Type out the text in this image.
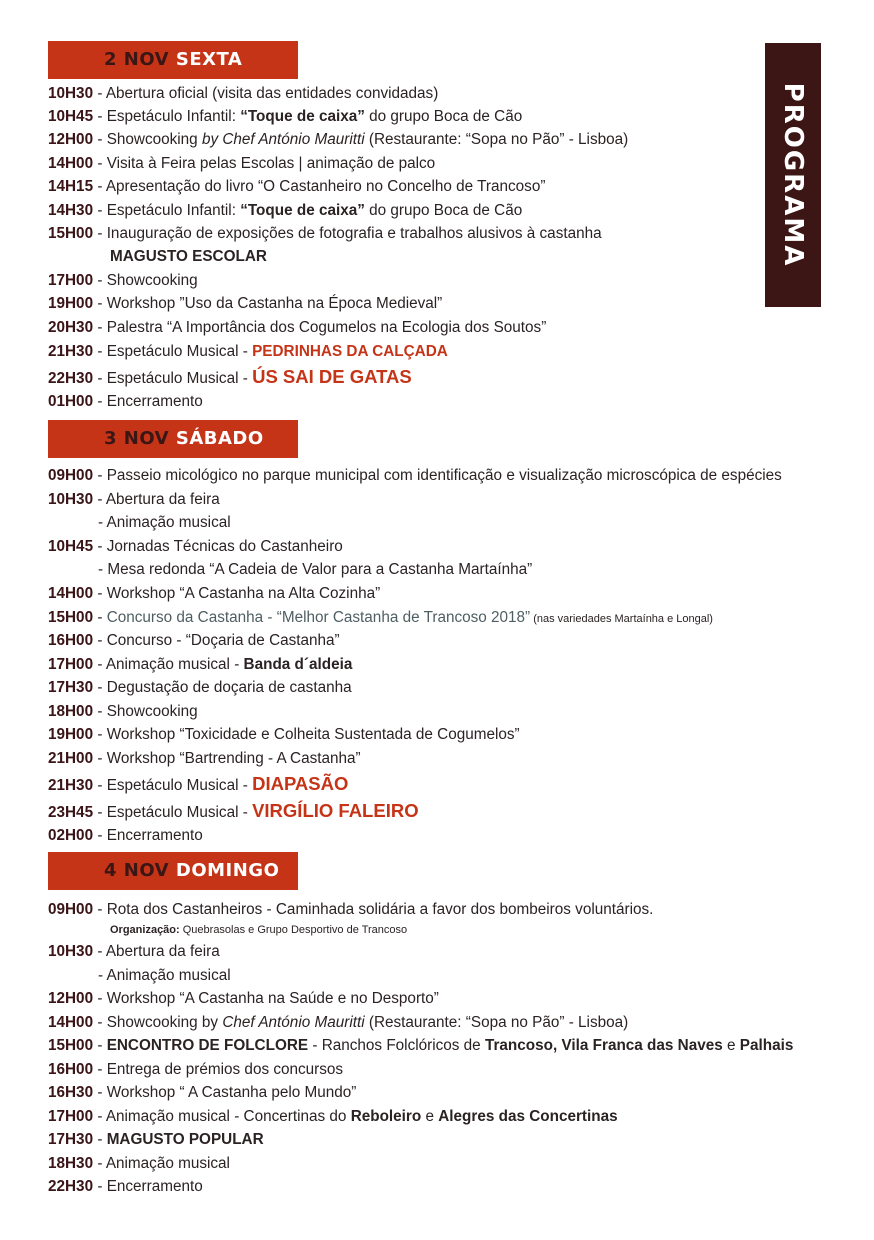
PROGRAMA
2 NOV SEXTA
3 NOV SÁBADO
4 NOV DOMINGO
10H30 - Abertura oficial (visita das entidades convidadas)
10H45 - Espetáculo Infantil: “Toque de caixa” do grupo Boca de Cão
12H00 - Showcooking by Chef António Mauritti (Restaurante: “Sopa no Pão” - Lisboa)
14H00 - Visita à Feira pelas Escolas | animação de palco
14H15 - Apresentação do livro “O Castanheiro no Concelho de Trancoso”
14H30 - Espetáculo Infantil: “Toque de caixa” do grupo Boca de Cão
15H00 - Inauguração de exposições de fotografia e trabalhos alusivos à castanha
MAGUSTO ESCOLAR
17H00 - Showcooking
19H00 - Workshop ”Uso da Castanha na Época Medieval”
20H30 - Palestra “A Importância dos Cogumelos na Ecologia dos Soutos”
21H30 - Espetáculo Musical - PEDRINHAS DA CALÇADA
22H30 - Espetáculo Musical - ÚS SAI DE GATAS
01H00 - Encerramento
09H00 - Passeio micológico no parque municipal com identificação e visualização microscópica de espécies
10H30 - Abertura da feira
- Animação musical
10H45 - Jornadas Técnicas do Castanheiro
- Mesa redonda “A Cadeia de Valor para a Castanha Martaínha”
14H00 - Workshop “A Castanha na Alta Cozinha”
15H00 - Concurso da Castanha - “Melhor Castanha de Trancoso 2018” (nas variedades Martaínha e Longal)
16H00 - Concurso - “Doçaria de Castanha”
17H00 - Animação musical - Banda d´aldeia
17H30 - Degustação de doçaria de castanha
18H00 - Showcooking
19H00 - Workshop “Toxicidade e Colheita Sustentada de Cogumelos”
21H00 - Workshop “Bartrending - A Castanha”
21H30 - Espetáculo Musical - DIAPASÃO
23H45 - Espetáculo Musical - VIRGÍLIO FALEIRO
02H00 - Encerramento
09H00 - Rota dos Castanheiros - Caminhada solidária a favor dos bombeiros voluntários.
Organização: Quebrasolas e Grupo Desportivo de Trancoso
10H30 - Abertura da feira
- Animação musical
12H00 - Workshop “A Castanha na Saúde e no Desporto”
14H00 - Showcooking by Chef António Mauritti (Restaurante: “Sopa no Pão” - Lisboa)
15H00 - ENCONTRO DE FOLCLORE - Ranchos Folclóricos de Trancoso, Vila Franca das Naves e Palhais
16H00 - Entrega de prémios dos concursos
16H30 - Workshop “ A Castanha pelo Mundo”
17H00 - Animação musical - Concertinas do Reboleiro e Alegres das Concertinas
17H30 - MAGUSTO POPULAR
18H30 - Animação musical
22H30 - Encerramento
